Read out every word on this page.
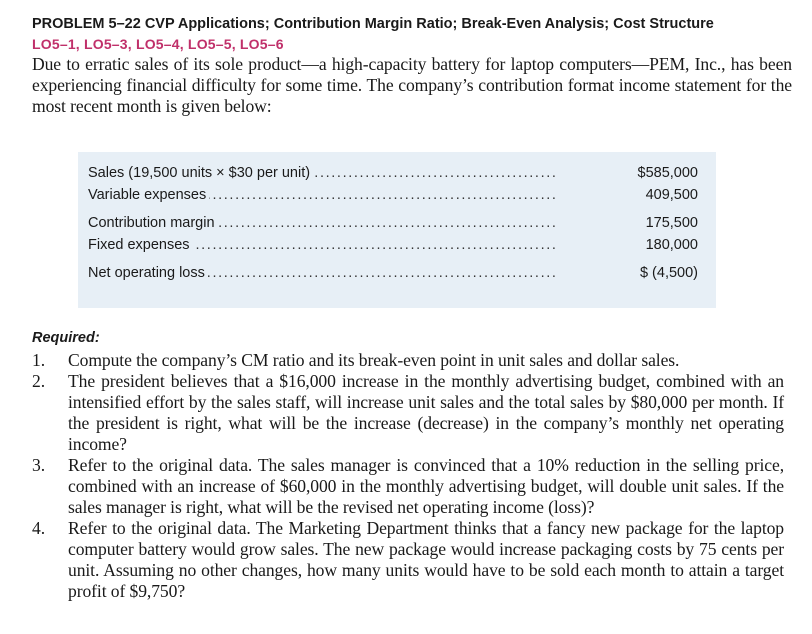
PROBLEM 5–22 CVP Applications; Contribution Margin Ratio; Break-Even Analysis; Cost Structure

LO5–1, LO5–3, LO5–4, LO5–5, LO5–6

Due to erratic sales of its sole product—a high-capacity battery for laptop computers—PEM, Inc., has been experiencing financial difficulty for some time. The company’s contribution format income statement for the most recent month is given below:

Sales (19,500 units × $30 per unit) . . .	$585,000
Variable expenses . . .	409,500
Contribution margin . . .	175,500
Fixed expenses . . .	180,000
Net operating loss . . .	$ (4,500)

Required:

1.	Compute the company’s CM ratio and its break-even point in unit sales and dollar sales.
2.	The president believes that a $16,000 increase in the monthly advertising budget, combined with an intensified effort by the sales staff, will increase unit sales and the total sales by $80,000 per month. If the president is right, what will be the increase (decrease) in the company’s monthly net operating income?
3.	Refer to the original data. The sales manager is convinced that a 10% reduction in the selling price, combined with an increase of $60,000 in the monthly advertising budget, will double unit sales. If the sales manager is right, what will be the revised net operating income (loss)?
4.	Refer to the original data. The Marketing Department thinks that a fancy new package for the laptop computer battery would grow sales. The new package would increase packaging costs by 75 cents per unit. Assuming no other changes, how many units would have to be sold each month to attain a target profit of $9,750?
